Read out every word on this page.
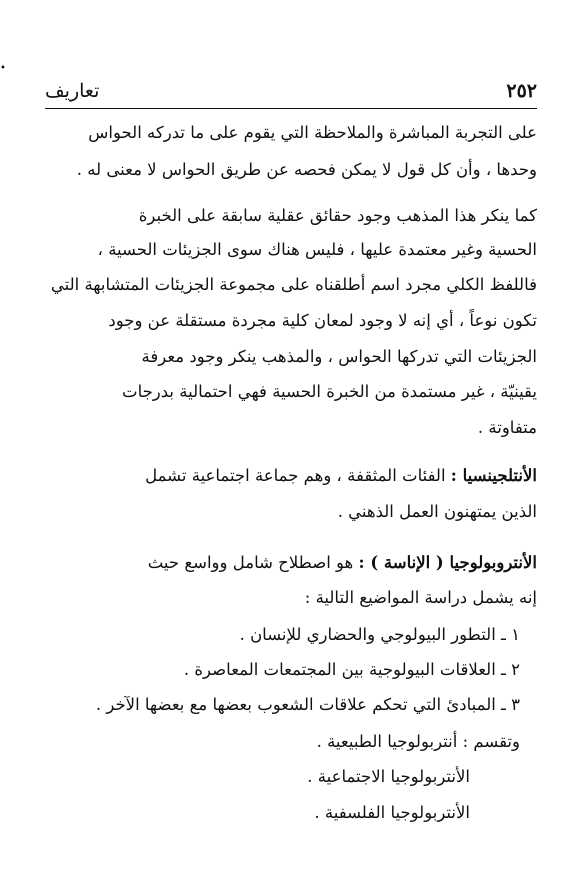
•
٢٥٢
تعاريف
على التجربة المباشرة والملاحظة التي يقوم على ما تدركه الحواس
وحدها ، وأن كل قول لا يمكن فحصه عن طريق الحواس لا معنى له .
كما ينكر هذا المذهب وجود حقائق عقلية سابقة على الخبرة
الحسية وغير معتمدة عليها ، فليس هناك سوى الجزيئات الحسية ،
فاللفظ الكلي مجرد اسم أطلقناه على مجموعة الجزيئات المتشابهة التي
تكون نوعاً ، أي إنه لا وجود لمعان كلية مجردة مستقلة عن وجود
الجزيئات التي تدركها الحواس ، والمذهب ينكر وجود معرفة
يقينيّة ، غير مستمدة من الخبرة الحسية فهي احتمالية بدرجات
متفاوتة .
الأنتلجينسيا : الفئات المثقفة ، وهم جماعة اجتماعية تشمل
الذين يمتهنون العمل الذهني .
الأنتروبولوجيا ( الإناسة ) : هو اصطلاح شامل وواسع حيث
إنه يشمل دراسة المواضيع التالية :
١ ـ التطور البيولوجي والحضاري للإنسان .
٢ ـ العلاقات البيولوجية بين المجتمعات المعاصرة .
٣ ـ المبادئ التي تحكم علاقات الشعوب بعضها مع بعضها الآخر .
وتقسم : أنتربولوجيا الطبيعية .
الأنتربولوجيا الاجتماعية .
الأنتربولوجيا الفلسفية .
